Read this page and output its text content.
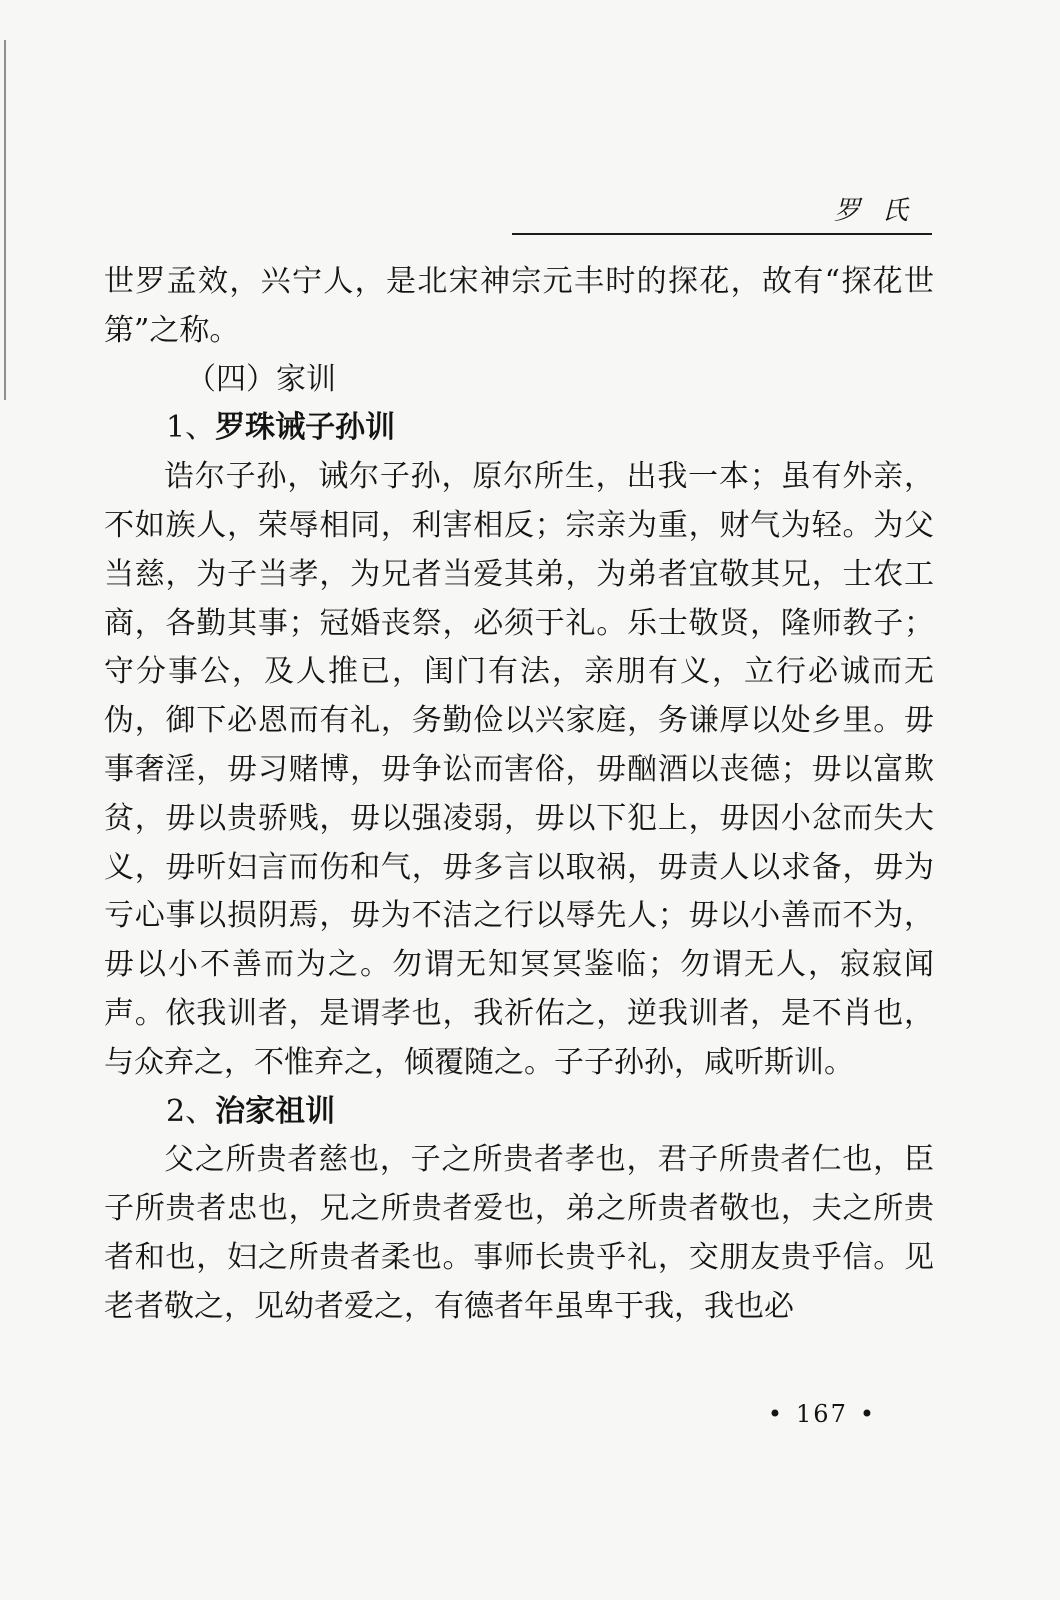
罗氏

世罗孟效，兴宁人，是北宋神宗元丰时的探花，故有“探花世第”之称。

（四）家训

1、罗珠诫子孙训

诰尔子孙，诫尔子孙，原尔所生，出我一本；虽有外亲，不如族人，荣辱相同，利害相反；宗亲为重，财气为轻。为父当慈，为子当孝，为兄者当爱其弟，为弟者宜敬其兄，士农工商，各勤其事；冠婚丧祭，必须于礼。乐士敬贤，隆师教子；守分事公，及人推已，闺门有法，亲朋有义，立行必诚而无伪，御下必恩而有礼，务勤俭以兴家庭，务谦厚以处乡里。毋事奢淫，毋习赌博，毋争讼而害俗，毋酗酒以丧德；毋以富欺贫，毋以贵骄贱，毋以强凌弱，毋以下犯上，毋因小忿而失大义，毋听妇言而伤和气，毋多言以取祸，毋责人以求备，毋为亏心事以损阴焉，毋为不洁之行以辱先人；毋以小善而不为，毋以小不善而为之。勿谓无知冥冥鉴临；勿谓无人，寂寂闻声。依我训者，是谓孝也，我祈佑之，逆我训者，是不肖也，与众弃之，不惟弃之，倾覆随之。子子孙孙，咸听斯训。

2、治家祖训

父之所贵者慈也，子之所贵者孝也，君子所贵者仁也，臣子所贵者忠也，兄之所贵者爱也，弟之所贵者敬也，夫之所贵者和也，妇之所贵者柔也。事师长贵乎礼，交朋友贵乎信。见老者敬之，见幼者爱之，有德者年虽卑于我，我也必

• 167 •
